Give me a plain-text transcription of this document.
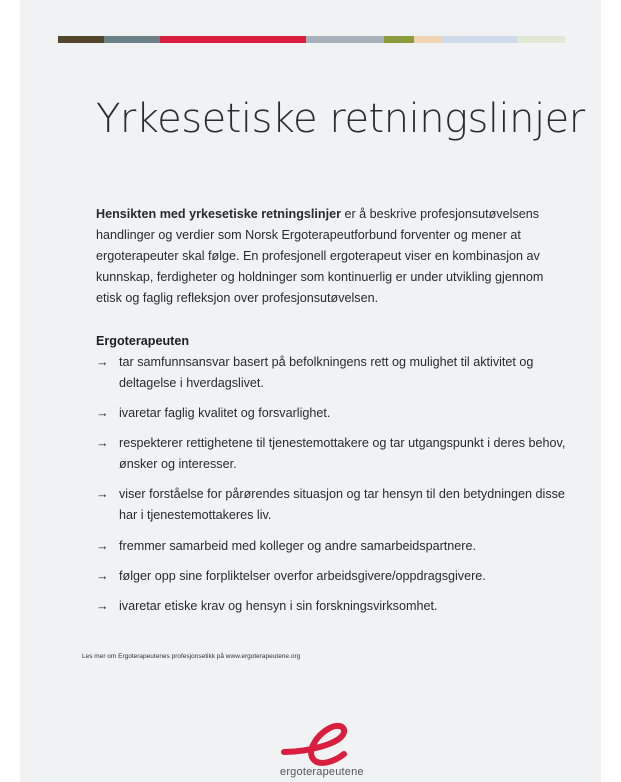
Yrkesetiske retningslinjer

Hensikten med yrkesetiske retningslinjer er å beskrive profesjonsutøvelsens handlinger og verdier som Norsk Ergoterapeutforbund forventer og mener at ergoterapeuter skal følge. En profesjonell ergoterapeut viser en kombinasjon av kunnskap, ferdigheter og holdninger som kontinuerlig er under utvikling gjennom etisk og faglig refleksjon over profesjonsutøvelsen.

Ergoterapeuten
→ tar samfunnsansvar basert på befolkningens rett og mulighet til aktivitet og deltagelse i hverdagslivet.
→ ivaretar faglig kvalitet og forsvarlighet.
→ respekterer rettighetene til tjenestemottakere og tar utgangspunkt i deres behov, ønsker og interesser.
→ viser forståelse for pårørendes situasjon og tar hensyn til den betydningen disse har i tjenestemottakeres liv.
→ fremmer samarbeid med kolleger og andre samarbeidspartnere.
→ følger opp sine forpliktelser overfor arbeidsgivere/oppdragsgivere.
→ ivaretar etiske krav og hensyn i sin forskningsvirksomhet.
Les mer om Ergoterapeutenes profesjonsetikk på www.ergoterapeutene.org
ergoterapeutene
